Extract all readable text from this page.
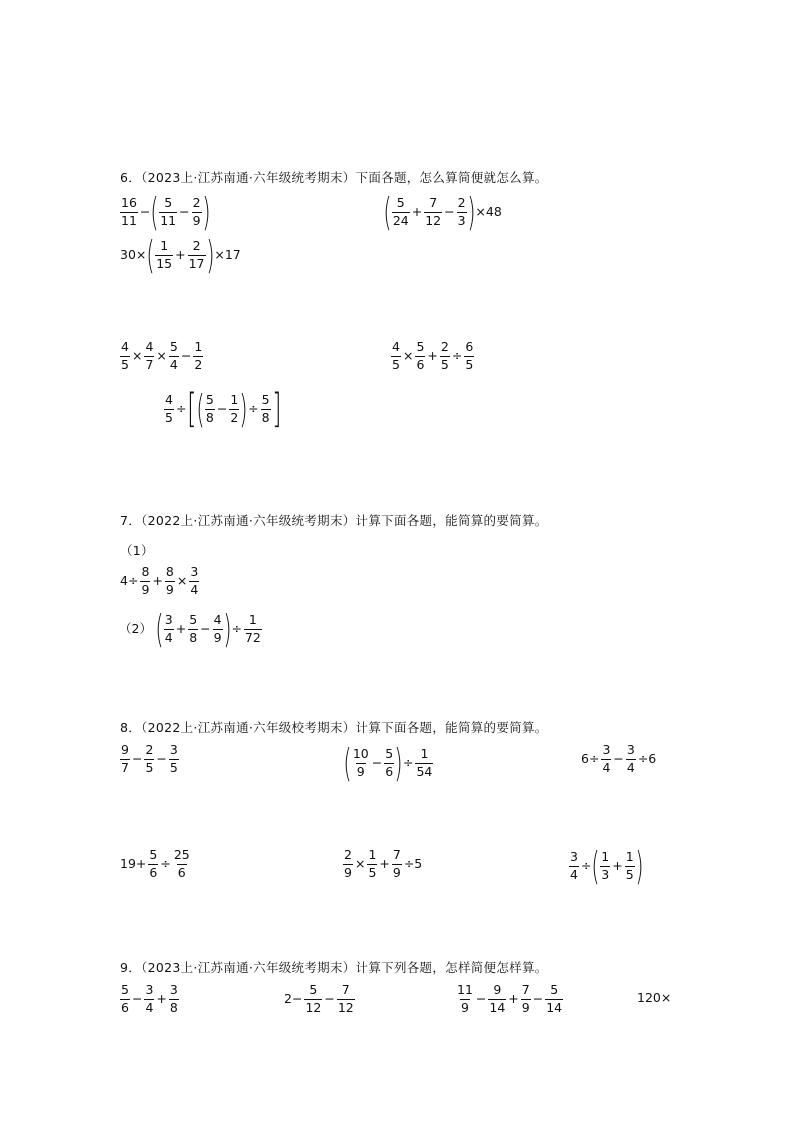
6．（2023上·江苏南通·六年级统考期末）下面各题，怎么算简便就怎么算。
$\frac{16}{11}$ − ( $\frac{5}{11} - \frac{2}{9}$ )	( $\frac{5}{24} + \frac{7}{12} - \frac{2}{3}$ ) ×48
30× ( $\frac{1}{15} + \frac{2}{17}$ ) ×17
$\frac{4}{5} \times \frac{4}{7} \times \frac{5}{4} - \frac{1}{2}$	$\frac{4}{5} \times \frac{5}{6} + \frac{2}{5} \div \frac{6}{5}$
$\frac{4}{5}$ ÷ [ ( $\frac{5}{8} - \frac{1}{2}$ ) ÷ $\frac{5}{8}$ ]
7．（2022上·江苏南通·六年级统考期末）计算下面各题，能简算的要简算。
（1）
$4\div \frac{8}{9} + \frac{8}{9} \times \frac{3}{4}$
（2） ( $\frac{3}{4} + \frac{5}{8} - \frac{4}{9}$ ) ÷ $\frac{1}{72}$
8．（2022上·江苏南通·六年级校考期末）计算下面各题，能简算的要简算。
$\frac{9}{7} - \frac{2}{5} - \frac{3}{5}$	( $\frac{10}{9} - \frac{5}{6}$ ) ÷ $\frac{1}{54}$	$6\div \frac{3}{4} - \frac{3}{4} \div 6$
$19+ \frac{5}{6} \div \frac{25}{6}$	$\frac{2}{9} \times \frac{1}{5} + \frac{7}{9} \div 5$	$\frac{3}{4}$ ÷ ( $\frac{1}{3} + \frac{1}{5}$ )
9．（2023上·江苏南通·六年级统考期末）计算下列各题，怎样简便怎样算。
$\frac{5}{6} - \frac{3}{4} + \frac{3}{8}$	$2- \frac{5}{12} - \frac{7}{12}$	$\frac{11}{9} - \frac{9}{14} + \frac{7}{9} - \frac{5}{14}$	120×
